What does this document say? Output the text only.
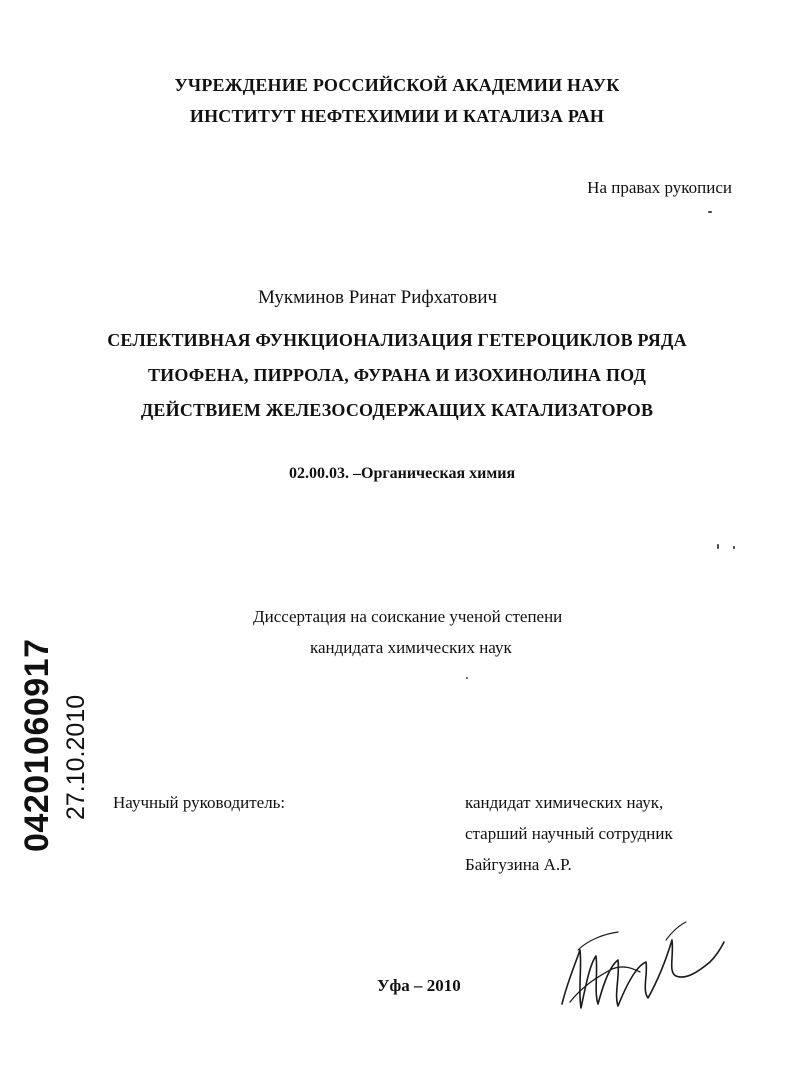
УЧРЕЖДЕНИЕ РОССИЙСКОЙ АКАДЕМИИ НАУК
ИНСТИТУТ НЕФТЕХИМИИ И КАТАЛИЗА РАН
На правах рукописи
Мукминов Ринат Рифхатович
СЕЛЕКТИВНАЯ ФУНКЦИОНАЛИЗАЦИЯ ГЕТЕРОЦИКЛОВ РЯДА
ТИОФЕНА, ПИРРОЛА, ФУРАНА И ИЗОХИНОЛИНА ПОД
ДЕЙСТВИЕМ ЖЕЛЕЗОСОДЕРЖАЩИХ КАТАЛИЗАТОРОВ
02.00.03. –Органическая химия
Диссертация на соискание ученой степени
кандидата химических наук
Научный руководитель:	кандидат химических наук,
старший научный сотрудник
Байгузина А.Р.
Уфа – 2010
04201060917 27.10.2010
